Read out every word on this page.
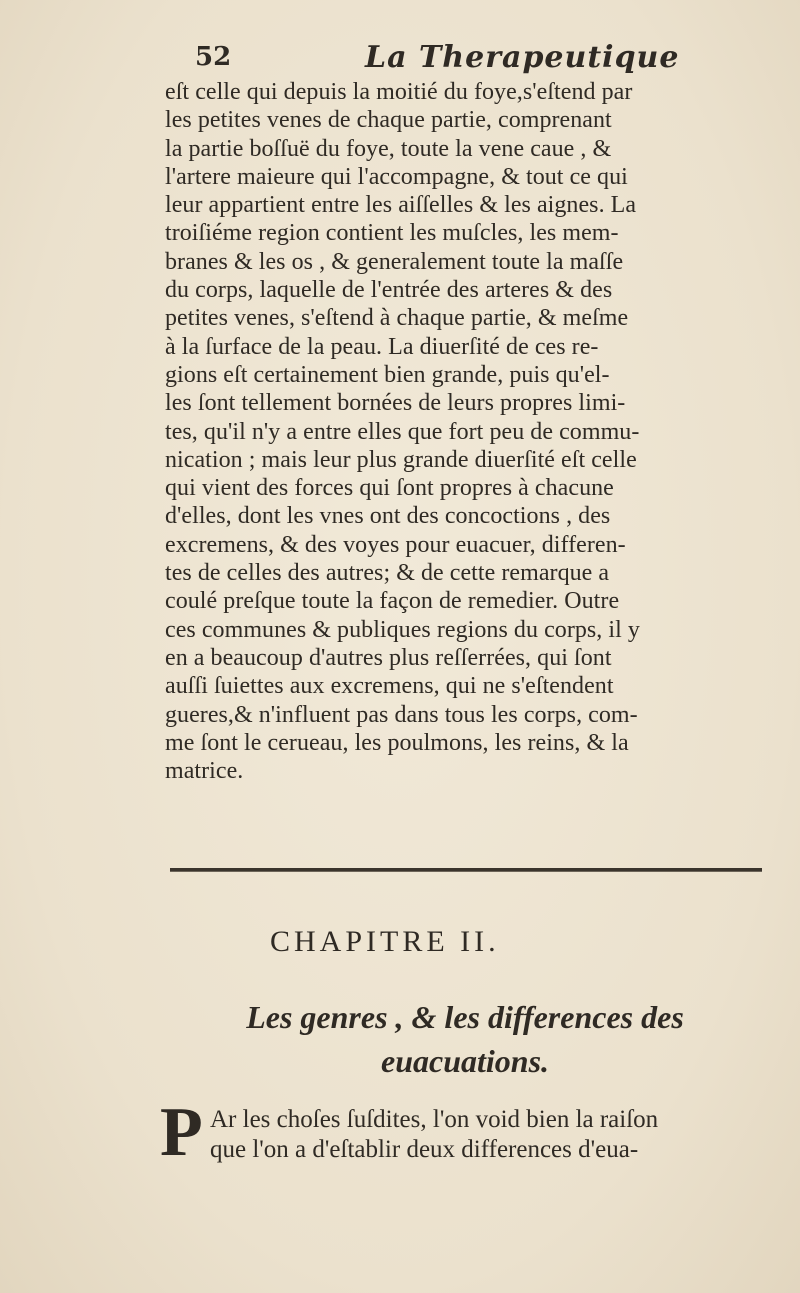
52	La Therapeutique
eſt celle qui depuis la moitié du foye,s'eſtend par
les petites venes de chaque partie, comprenant
la partie boſſuë du foye, toute la vene caue , &
l'artere maieure qui l'accompagne, & tout ce qui
leur appartient entre les aiſſelles & les aignes. La
troiſiéme region contient les muſcles, les mem-
branes & les os , & generalement toute la maſſe
du corps, laquelle de l'entrée des arteres & des
petites venes, s'eſtend à chaque partie, & meſme
à la ſurface de la peau. La diuerſité de ces re-
gions eſt certainement bien grande, puis qu'el-
les ſont tellement bornées de leurs propres limi-
tes, qu'il n'y a entre elles que fort peu de commu-
nication ; mais leur plus grande diuerſité eſt celle
qui vient des forces qui ſont propres à chacune
d'elles, dont les vnes ont des concoctions , des
excremens, & des voyes pour euacuer, differen-
tes de celles des autres; & de cette remarque a
coulé preſque toute la façon de remedier. Outre
ces communes & publiques regions du corps, il y
en a beaucoup d'autres plus reſſerrées, qui ſont
auſſi ſuiettes aux excremens, qui ne s'eſtendent
gueres,& n'influent pas dans tous les corps, com-
me ſont le cerueau, les poulmons, les reins, & la
matrice.
CHAPITRE II.
Les genres , & les differences des
euacuations.
P Ar les choſes ſuſdites, l'on void bien la raiſon
que l'on a d'eſtablir deux differences d'eua-
